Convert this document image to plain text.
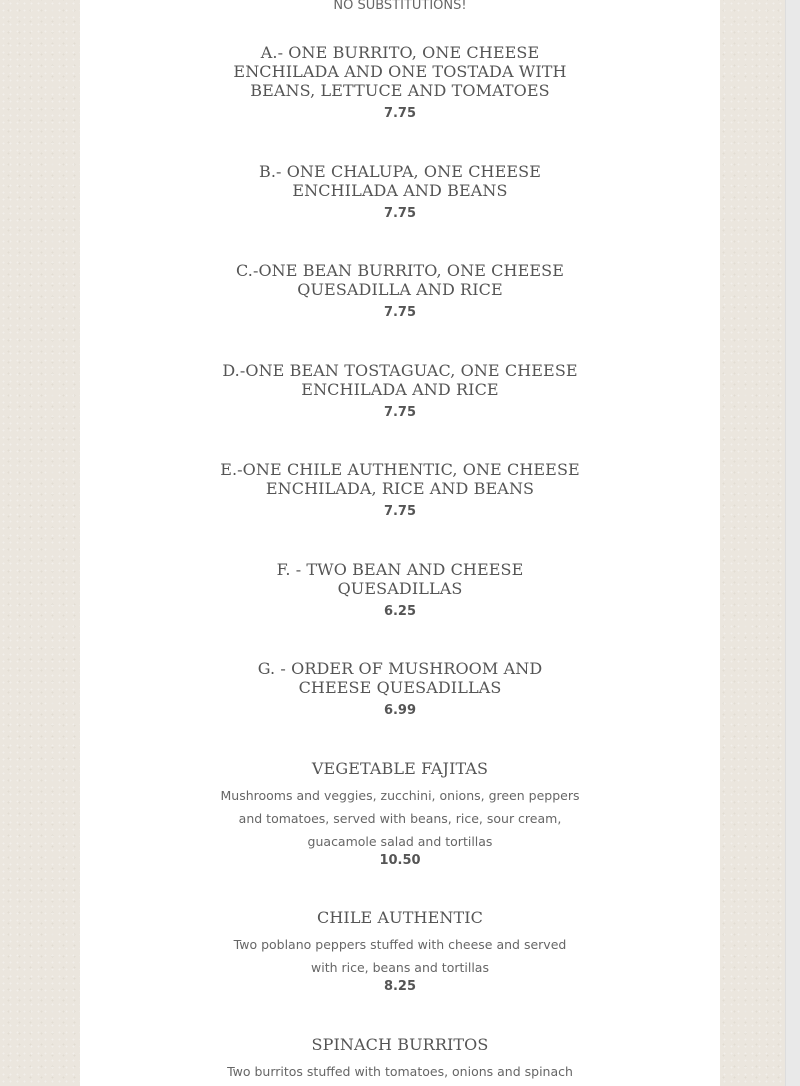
NO SUBSTITUTIONS!

A.- ONE BURRITO, ONE CHEESE ENCHILADA AND ONE TOSTADA WITH BEANS, LETTUCE AND TOMATOES
7.75
B.- ONE CHALUPA, ONE CHEESE ENCHILADA AND BEANS
7.75
C.-ONE BEAN BURRITO, ONE CHEESE QUESADILLA AND RICE
7.75
D.-ONE BEAN TOSTAGUAC, ONE CHEESE ENCHILADA AND RICE
7.75
E.-ONE CHILE AUTHENTIC, ONE CHEESE ENCHILADA, RICE AND BEANS
7.75
F. - TWO BEAN AND CHEESE QUESADILLAS
6.25
G. - ORDER OF MUSHROOM AND CHEESE QUESADILLAS
6.99
VEGETABLE FAJITAS

Mushrooms and veggies, zucchini, onions, green peppers and tomatoes, served with beans, rice, sour cream, guacamole salad and tortillas

10.50
CHILE AUTHENTIC

Two poblano peppers stuffed with cheese and served with rice, beans and tortillas

8.25
SPINACH BURRITOS

Two burritos stuffed with tomatoes, onions and spinach
